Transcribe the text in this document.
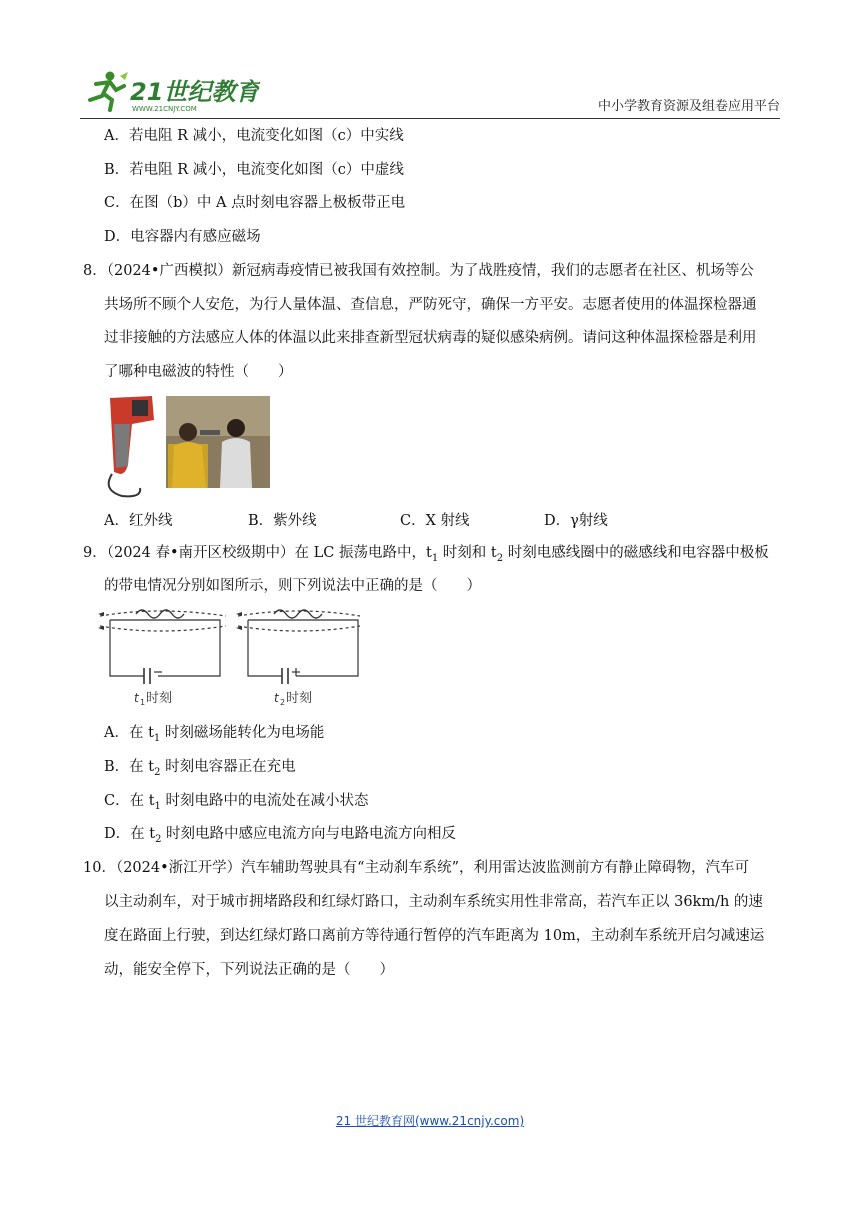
21世纪教育
WWW.21CNJY.COM	中小学教育资源及组卷应用平台
A．若电阻 R 减小，电流变化如图（c）中实线
B．若电阻 R 减小，电流变化如图（c）中虚线
C．在图（b）中 A 点时刻电容器上极板带正电
D．电容器内有感应磁场
8．（2024•广西模拟）新冠病毒疫情已被我国有效控制。为了战胜疫情，我们的志愿者在社区、机场等公
共场所不顾个人安危，为行人量体温、查信息，严防死守，确保一方平安。志愿者使用的体温探检器通
过非接触的方法感应人体的体温以此来排查新型冠状病毒的疑似感染病例。请问这种体温探检器是利用
了哪种电磁波的特性（　　）
A．红外线	B．紫外线	C．X 射线	D．γ射线
9．（2024 春•南开区校级期中）在 LC 振荡电路中，$t_1$ 时刻和 $t_2$ 时刻电感线圈中的磁感线和电容器中极板
的带电情况分别如图所示，则下列说法中正确的是（　　）
t 1 时刻	t 2 时刻
A．在 $t_1$ 时刻磁场能转化为电场能
B．在 $t_2$ 时刻电容器正在充电
C．在 $t_1$ 时刻电路中的电流处在减小状态
D．在 $t_2$ 时刻电路中感应电流方向与电路电流方向相反
10．（2024•浙江开学）汽车辅助驾驶具有“主动刹车系统”，利用雷达波监测前方有静止障碍物，汽车可
以主动刹车，对于城市拥堵路段和红绿灯路口，主动刹车系统实用性非常高，若汽车正以 36km/h 的速
度在路面上行驶，到达红绿灯路口离前方等待通行暂停的汽车距离为 10m，主动刹车系统开启匀减速运
动，能安全停下，下列说法正确的是（　　）
21 世纪教育网(www.21cnjy.com)
